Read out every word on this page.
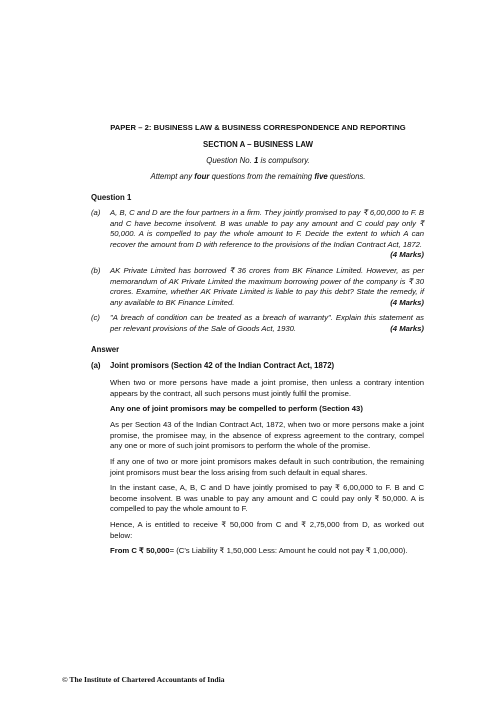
PAPER – 2: BUSINESS LAW & BUSINESS CORRESPONDENCE AND REPORTING
SECTION A – BUSINESS LAW
Question No. 1 is compulsory.
Attempt any four questions from the remaining five questions.
Question 1
(a) A, B, C and D are the four partners in a firm. They jointly promised to pay ₹ 6,00,000 to F. B and C have become insolvent. B was unable to pay any amount and C could pay only ₹ 50,000. A is compelled to pay the whole amount to F. Decide the extent to which A can recover the amount from D with reference to the provisions of the Indian Contract Act, 1872.
(4 Marks)
(b) AK Private Limited has borrowed ₹ 36 crores from BK Finance Limited. However, as per memorandum of AK Private Limited the maximum borrowing power of the company is ₹ 30 crores. Examine, whether AK Private Limited is liable to pay this debt? State the remedy, if any available to BK Finance Limited.	(4 Marks)
(c) "A breach of condition can be treated as a breach of warranty". Explain this statement as per relevant provisions of the Sale of Goods Act, 1930.	(4 Marks)
Answer
(a) Joint promisors (Section 42 of the Indian Contract Act, 1872)
When two or more persons have made a joint promise, then unless a contrary intention appears by the contract, all such persons must jointly fulfil the promise.
Any one of joint promisors may be compelled to perform (Section 43)
As per Section 43 of the Indian Contract Act, 1872, when two or more persons make a joint promise, the promisee may, in the absence of express agreement to the contrary, compel any one or more of such joint promisors to perform the whole of the promise.
If any one of two or more joint promisors makes default in such contribution, the remaining joint promisors must bear the loss arising from such default in equal shares.
In the instant case, A, B, C and D have jointly promised to pay ₹ 6,00,000 to F. B and C become insolvent. B was unable to pay any amount and C could pay only ₹ 50,000. A is compelled to pay the whole amount to F.
Hence, A is entitled to receive ₹ 50,000 from C and ₹ 2,75,000 from D, as worked out below:
From C ₹ 50,000= (C's Liability ₹ 1,50,000 Less: Amount he could not pay ₹ 1,00,000).
© The Institute of Chartered Accountants of India
